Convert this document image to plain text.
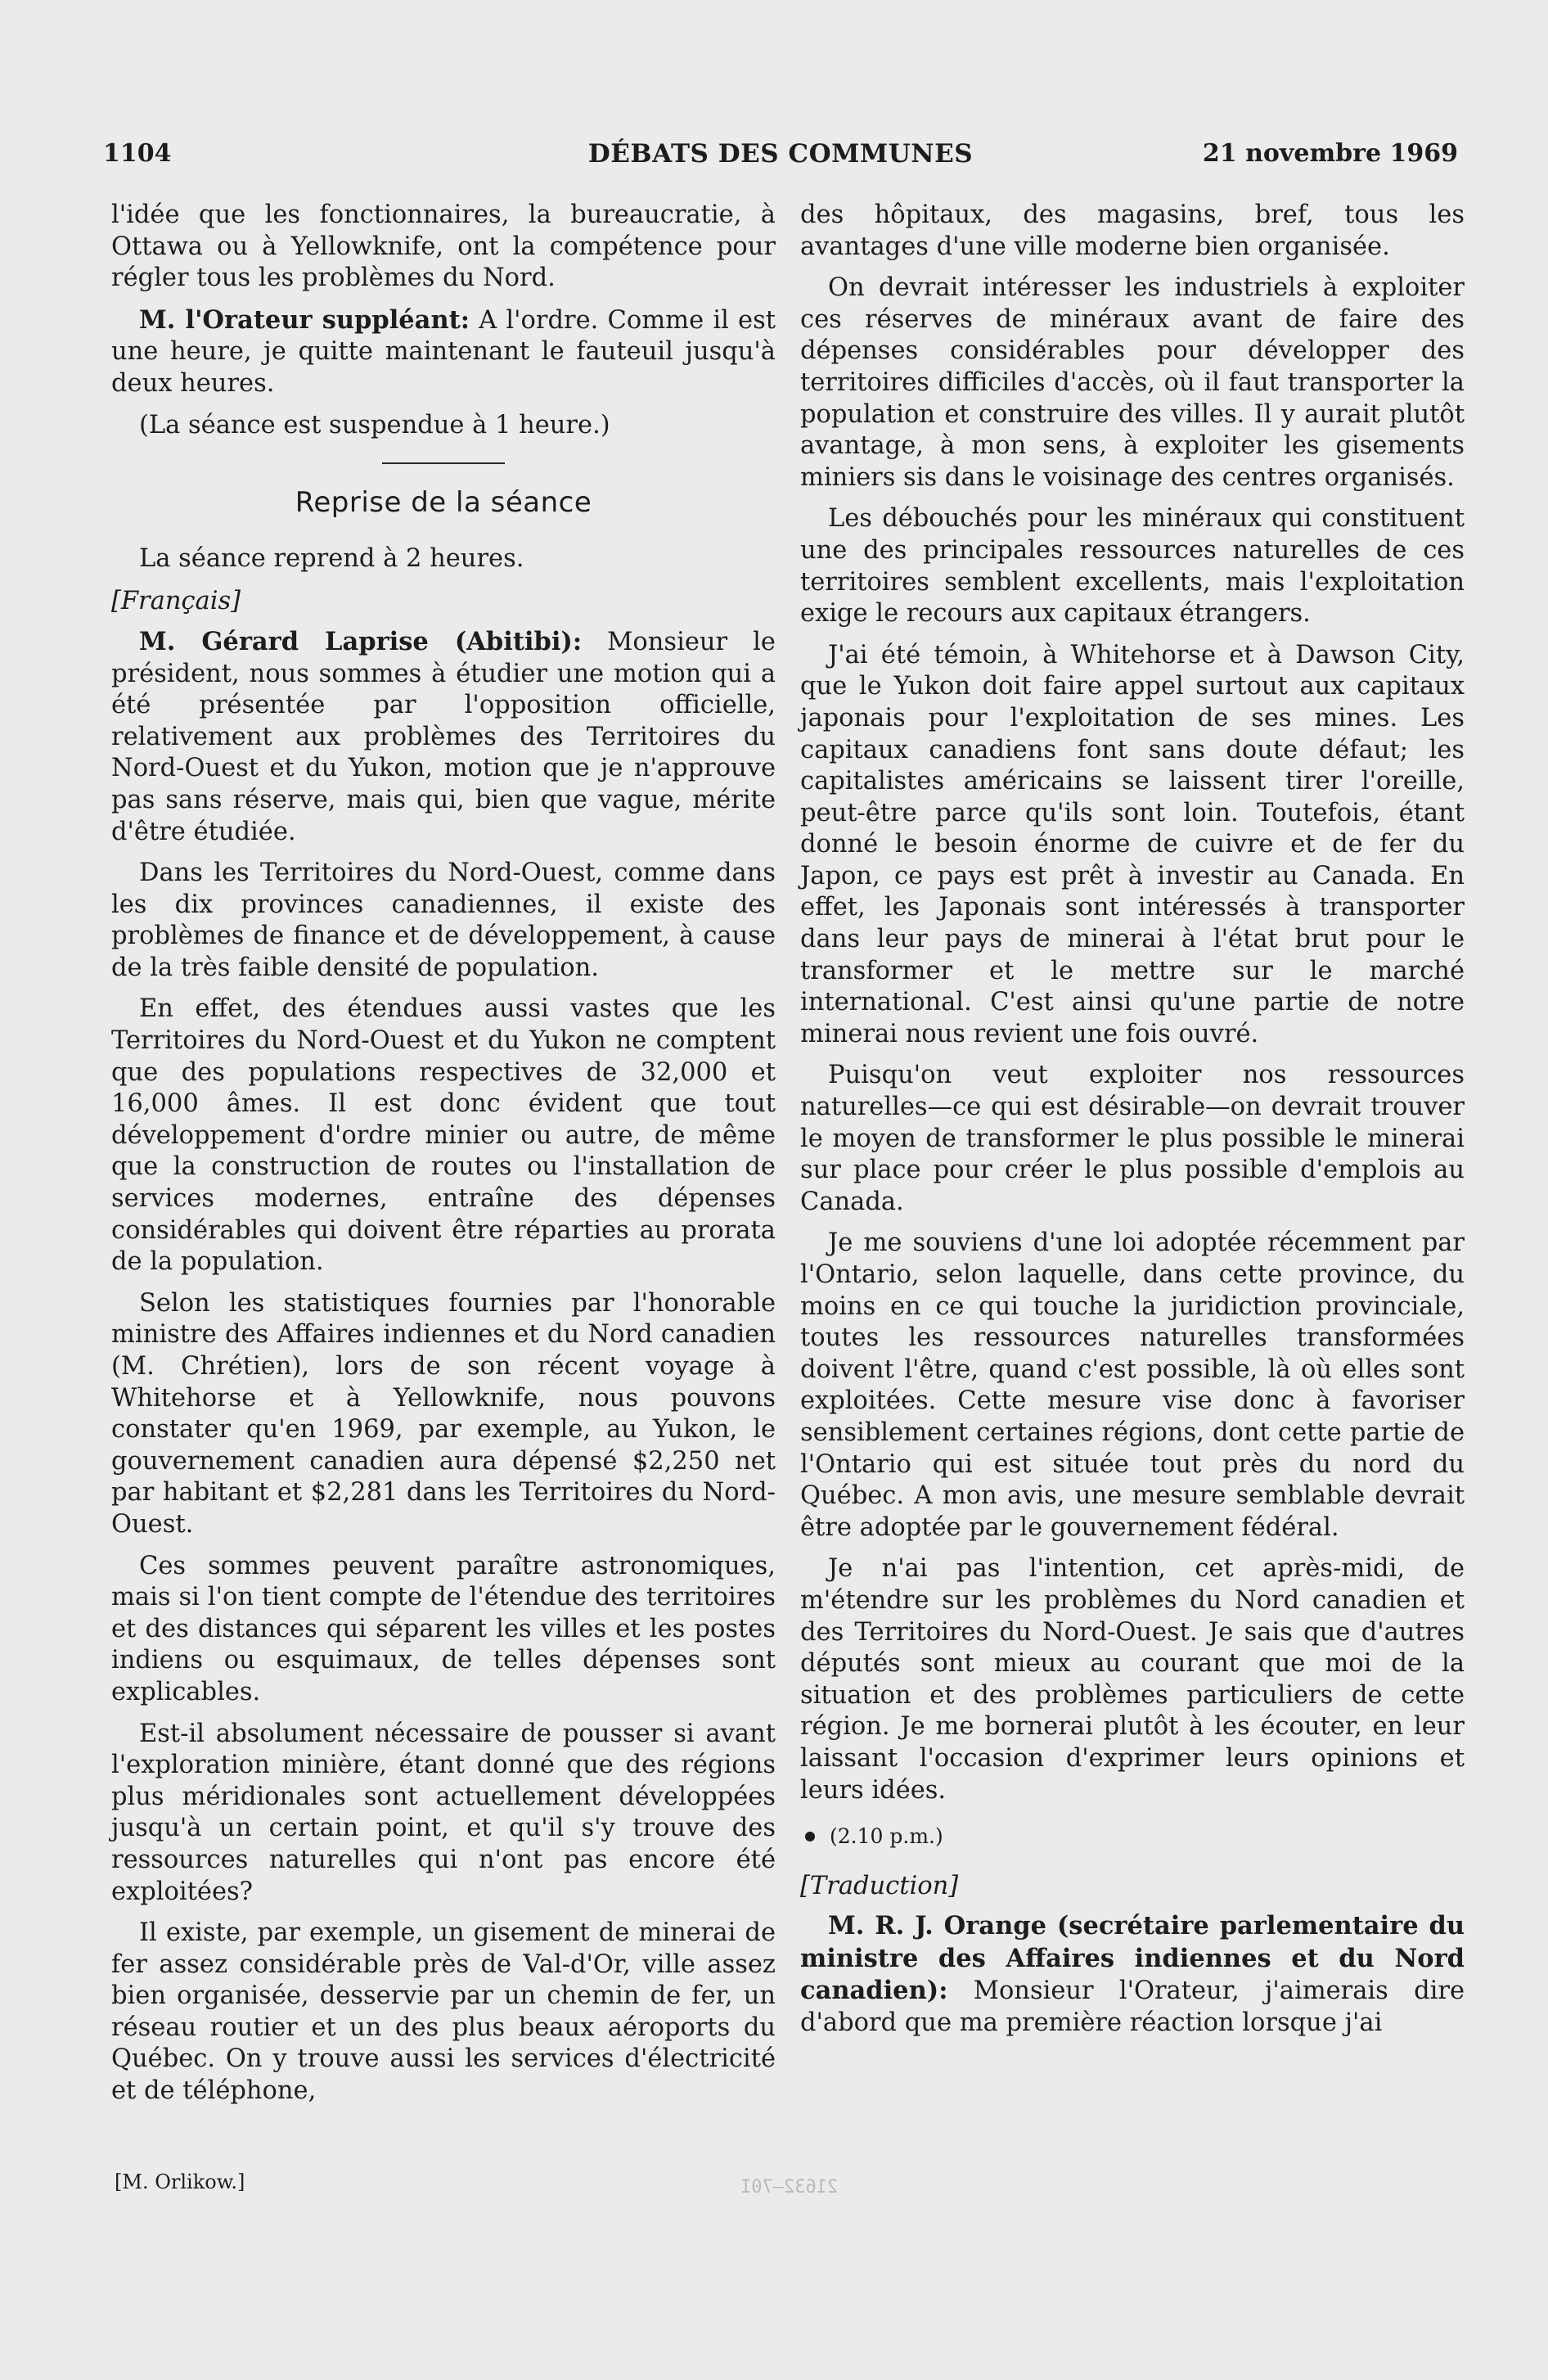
1104	DÉBATS DES COMMUNES	21 novembre 1969

l'idée que les fonctionnaires, la bureaucratie, à Ottawa ou à Yellowknife, ont la compétence pour régler tous les problèmes du Nord.

M. l'Orateur suppléant: A l'ordre. Comme il est une heure, je quitte maintenant le fauteuil jusqu'à deux heures.

(La séance est suspendue à 1 heure.)

Reprise de la séance

La séance reprend à 2 heures.

[Français]

M. Gérard Laprise (Abitibi): Monsieur le président, nous sommes à étudier une motion qui a été présentée par l'opposition officielle, relativement aux problèmes des Territoires du Nord-Ouest et du Yukon, motion que je n'approuve pas sans réserve, mais qui, bien que vague, mérite d'être étudiée.

Dans les Territoires du Nord-Ouest, comme dans les dix provinces canadiennes, il existe des problèmes de finance et de développement, à cause de la très faible densité de population.

En effet, des étendues aussi vastes que les Territoires du Nord-Ouest et du Yukon ne comptent que des populations respectives de 32,000 et 16,000 âmes. Il est donc évident que tout développement d'ordre minier ou autre, de même que la construction de routes ou l'installation de services modernes, entraîne des dépenses considérables qui doivent être réparties au prorata de la population.

Selon les statistiques fournies par l'honorable ministre des Affaires indiennes et du Nord canadien (M. Chrétien), lors de son récent voyage à Whitehorse et à Yellowknife, nous pouvons constater qu'en 1969, par exemple, au Yukon, le gouvernement canadien aura dépensé $2,250 net par habitant et $2,281 dans les Territoires du Nord-Ouest.

Ces sommes peuvent paraître astronomiques, mais si l'on tient compte de l'étendue des territoires et des distances qui séparent les villes et les postes indiens ou esquimaux, de telles dépenses sont explicables.

Est-il absolument nécessaire de pousser si avant l'exploration minière, étant donné que des régions plus méridionales sont actuellement développées jusqu'à un certain point, et qu'il s'y trouve des ressources naturelles qui n'ont pas encore été exploitées?

Il existe, par exemple, un gisement de minerai de fer assez considérable près de Val-d'Or, ville assez bien organisée, desservie par un chemin de fer, un réseau routier et un des plus beaux aéroports du Québec. On y trouve aussi les services d'électricité et de téléphone,

[M. Orlikow.]

des hôpitaux, des magasins, bref, tous les avantages d'une ville moderne bien organisée.

On devrait intéresser les industriels à exploiter ces réserves de minéraux avant de faire des dépenses considérables pour développer des territoires difficiles d'accès, où il faut transporter la population et construire des villes. Il y aurait plutôt avantage, à mon sens, à exploiter les gisements miniers sis dans le voisinage des centres organisés.

Les débouchés pour les minéraux qui constituent une des principales ressources naturelles de ces territoires semblent excellents, mais l'exploitation exige le recours aux capitaux étrangers.

J'ai été témoin, à Whitehorse et à Dawson City, que le Yukon doit faire appel surtout aux capitaux japonais pour l'exploitation de ses mines. Les capitaux canadiens font sans doute défaut; les capitalistes américains se laissent tirer l'oreille, peut-être parce qu'ils sont loin. Toutefois, étant donné le besoin énorme de cuivre et de fer du Japon, ce pays est prêt à investir au Canada. En effet, les Japonais sont intéressés à transporter dans leur pays de minerai à l'état brut pour le transformer et le mettre sur le marché international. C'est ainsi qu'une partie de notre minerai nous revient une fois ouvré.

Puisqu'on veut exploiter nos ressources naturelles—ce qui est désirable—on devrait trouver le moyen de transformer le plus possible le minerai sur place pour créer le plus possible d'emplois au Canada.

Je me souviens d'une loi adoptée récemment par l'Ontario, selon laquelle, dans cette province, du moins en ce qui touche la juridiction provinciale, toutes les ressources naturelles transformées doivent l'être, quand c'est possible, là où elles sont exploitées. Cette mesure vise donc à favoriser sensiblement certaines régions, dont cette partie de l'Ontario qui est située tout près du nord du Québec. A mon avis, une mesure semblable devrait être adoptée par le gouvernement fédéral.

Je n'ai pas l'intention, cet après-midi, de m'étendre sur les problèmes du Nord canadien et des Territoires du Nord-Ouest. Je sais que d'autres députés sont mieux au courant que moi de la situation et des problèmes particuliers de cette région. Je me bornerai plutôt à les écouter, en leur laissant l'occasion d'exprimer leurs opinions et leurs idées.

(2.10 p.m.)

[Traduction]

M. R. J. Orange (secrétaire parlementaire du ministre des Affaires indiennes et du Nord canadien): Monsieur l'Orateur, j'aimerais dire d'abord que ma première réaction lorsque j'ai

21632—70I
